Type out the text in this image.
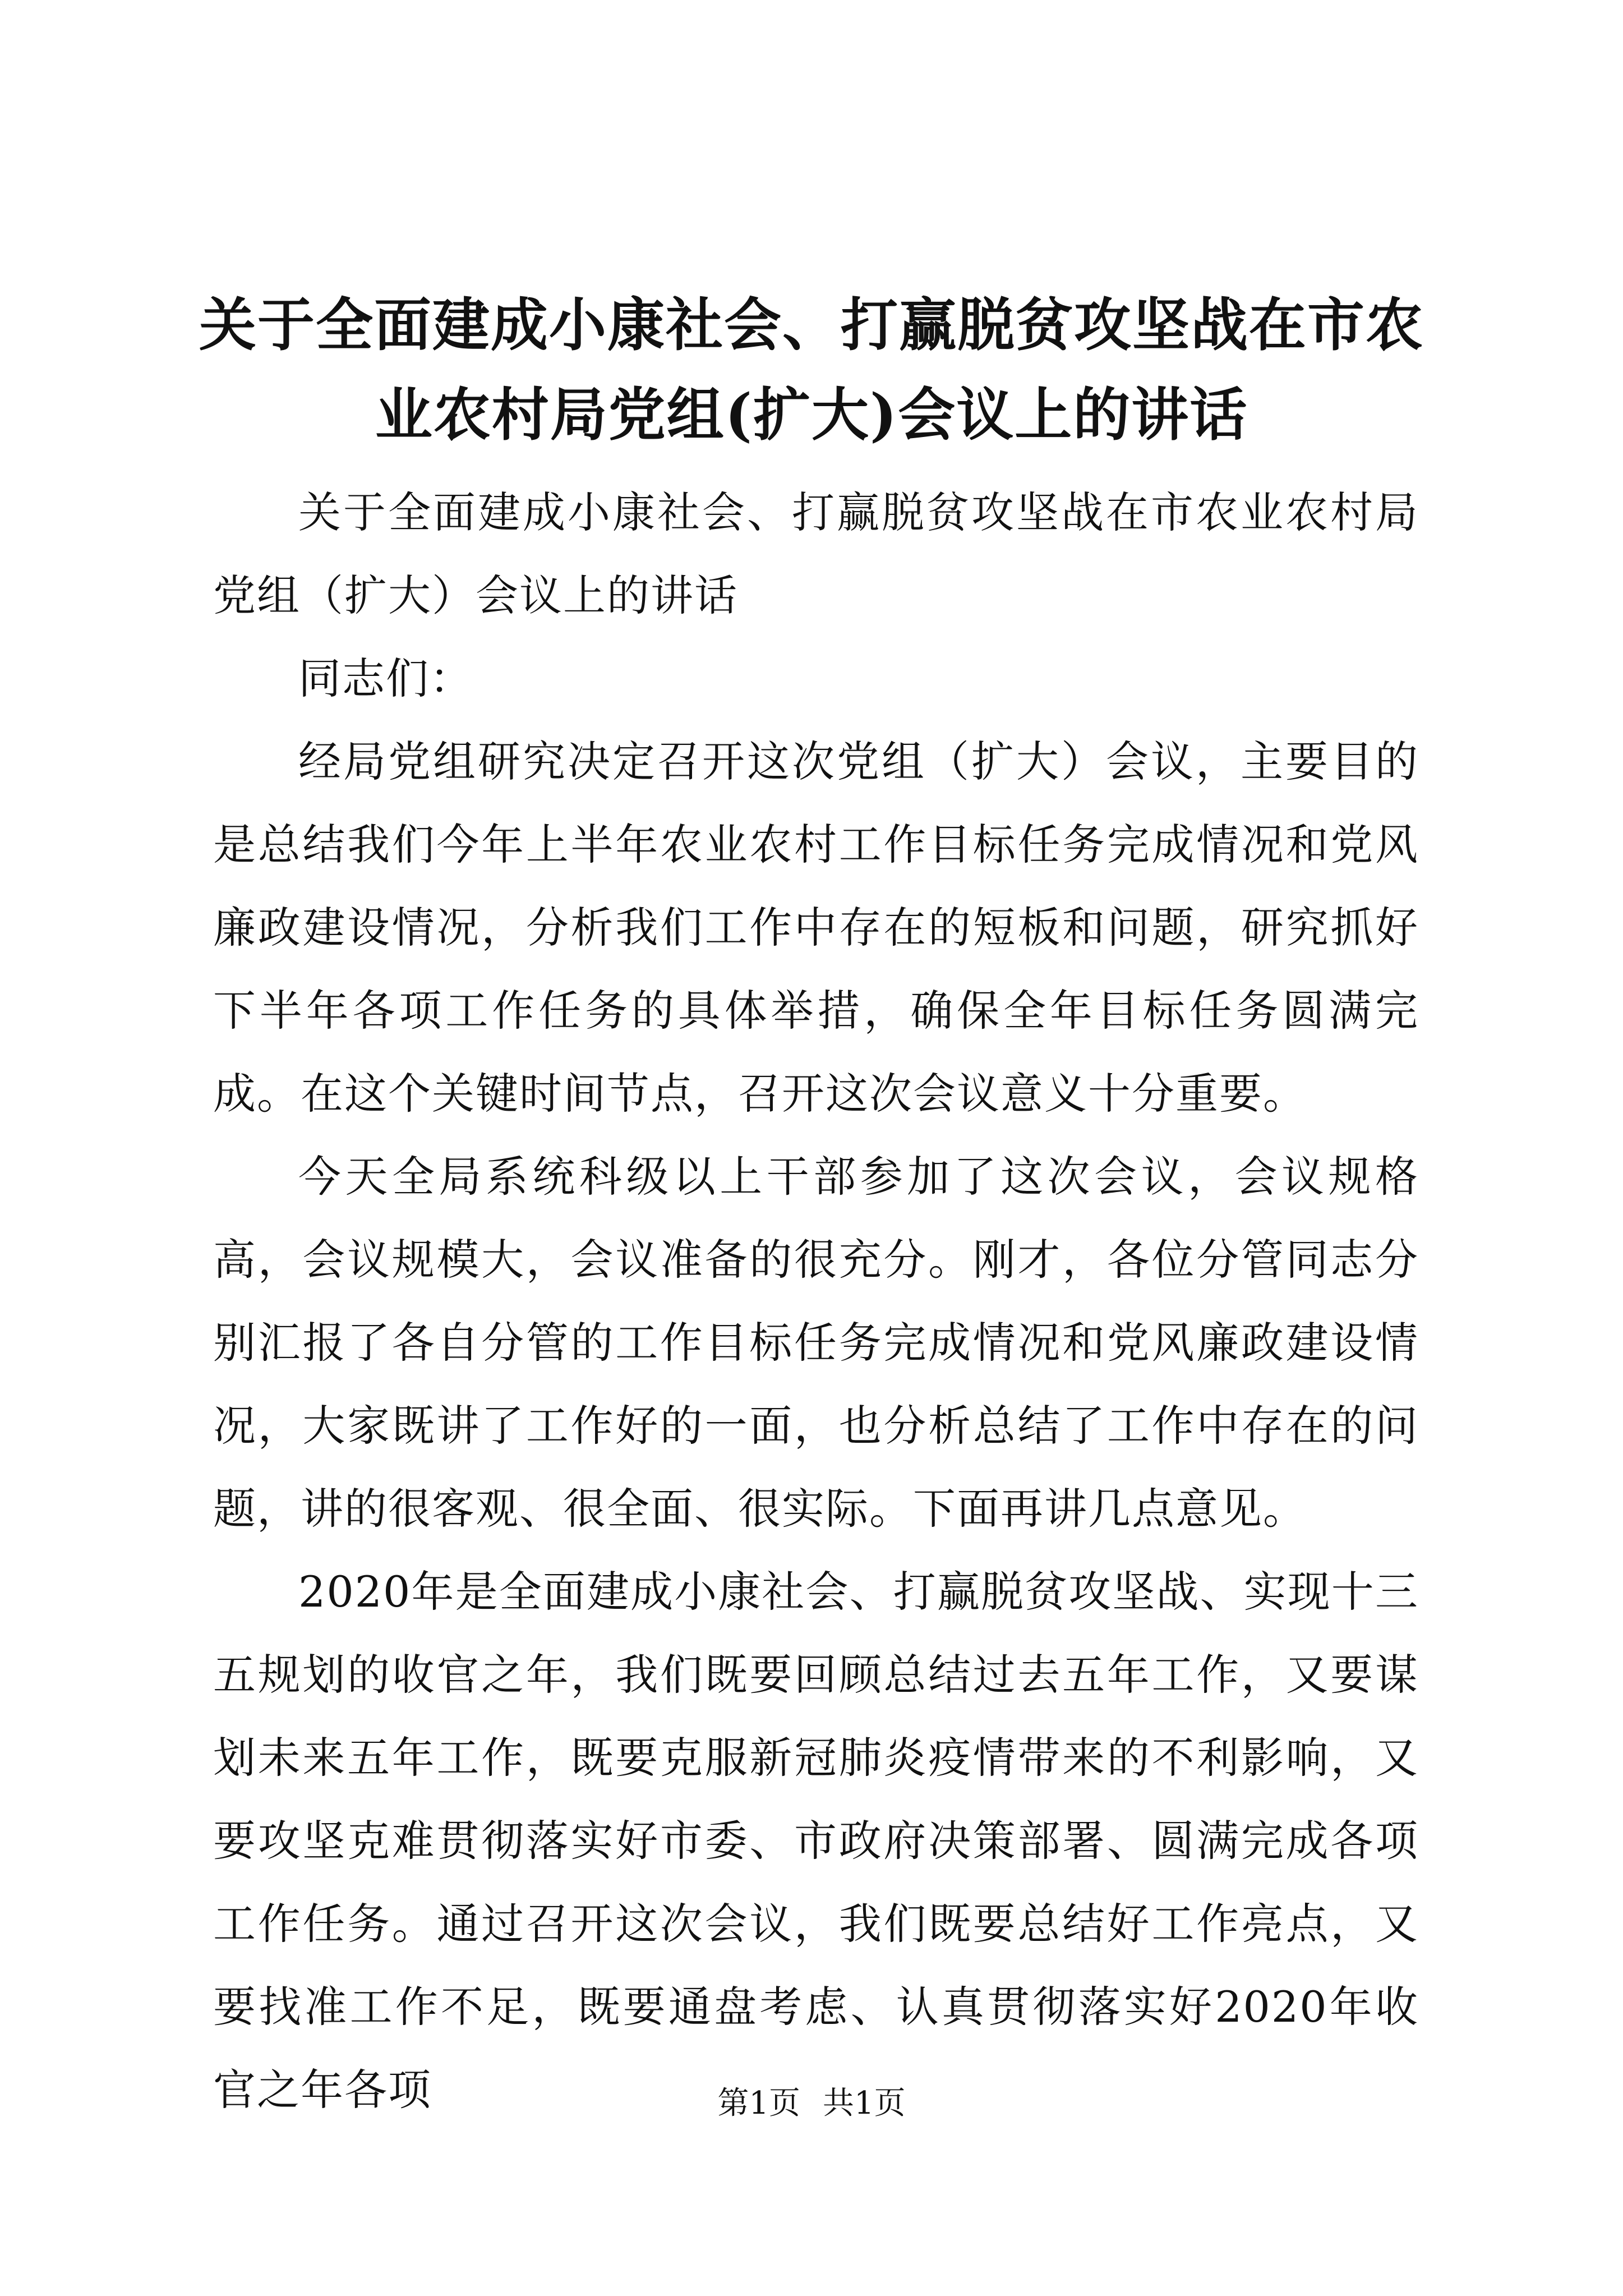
关于全面建成小康社会、打赢脱贫攻坚战在市农业农村局党组(扩大)会议上的讲话

关于全面建成小康社会、打赢脱贫攻坚战在市农业农村局党组（扩大）会议上的讲话

同志们：

经局党组研究决定召开这次党组（扩大）会议，主要目的是总结我们今年上半年农业农村工作目标任务完成情况和党风廉政建设情况，分析我们工作中存在的短板和问题，研究抓好下半年各项工作任务的具体举措，确保全年目标任务圆满完成。在这个关键时间节点，召开这次会议意义十分重要。

今天全局系统科级以上干部参加了这次会议，会议规格高，会议规模大，会议准备的很充分。刚才，各位分管同志分别汇报了各自分管的工作目标任务完成情况和党风廉政建设情况，大家既讲了工作好的一面，也分析总结了工作中存在的问题，讲的很客观、很全面、很实际。下面再讲几点意见。

2020年是全面建成小康社会、打赢脱贫攻坚战、实现十三五规划的收官之年，我们既要回顾总结过去五年工作，又要谋划未来五年工作，既要克服新冠肺炎疫情带来的不利影响，又要攻坚克难贯彻落实好市委、市政府决策部署、圆满完成各项工作任务。通过召开这次会议，我们既要总结好工作亮点，又要找准工作不足，既要通盘考虑、认真贯彻落实好2020年收官之年各项	第1页 共1页
